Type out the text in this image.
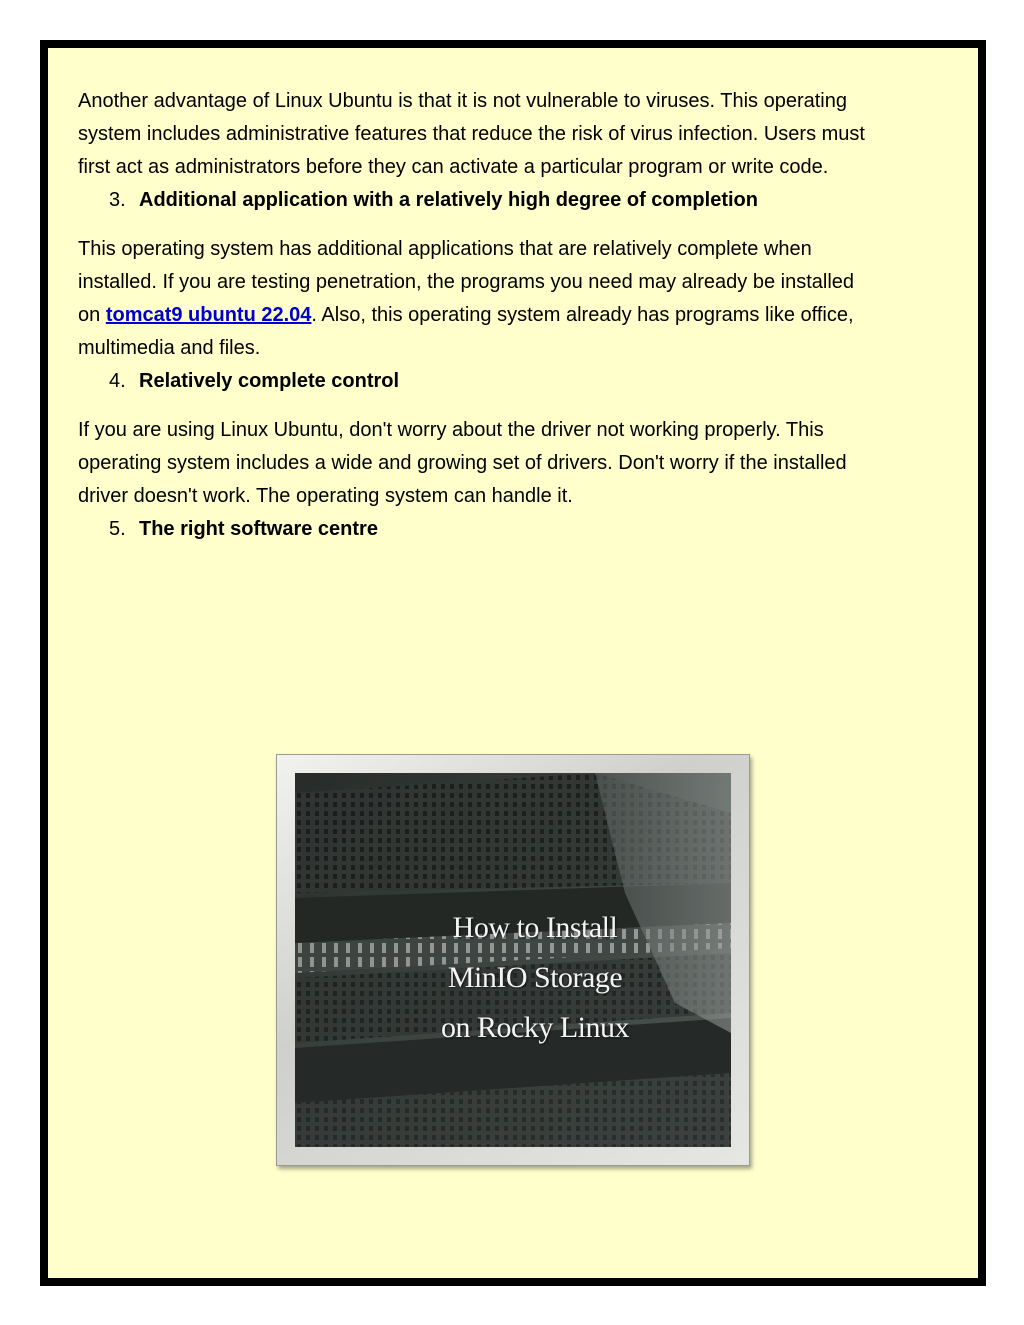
Another advantage of Linux Ubuntu is that it is not vulnerable to viruses. This operating system includes administrative features that reduce the risk of virus infection. Users must first act as administrators before they can activate a particular program or write code.

3. Additional application with a relatively high degree of completion

This operating system has additional applications that are relatively complete when installed. If you are testing penetration, the programs you need may already be installed on tomcat9 ubuntu 22.04. Also, this operating system already has programs like office, multimedia and files.

4. Relatively complete control

If you are using Linux Ubuntu, don't worry about the driver not working properly. This operating system includes a wide and growing set of drivers. Don't worry if the installed driver doesn't work. The operating system can handle it.

5. The right software centre
How to Install
MinIO Storage
on Rocky Linux
